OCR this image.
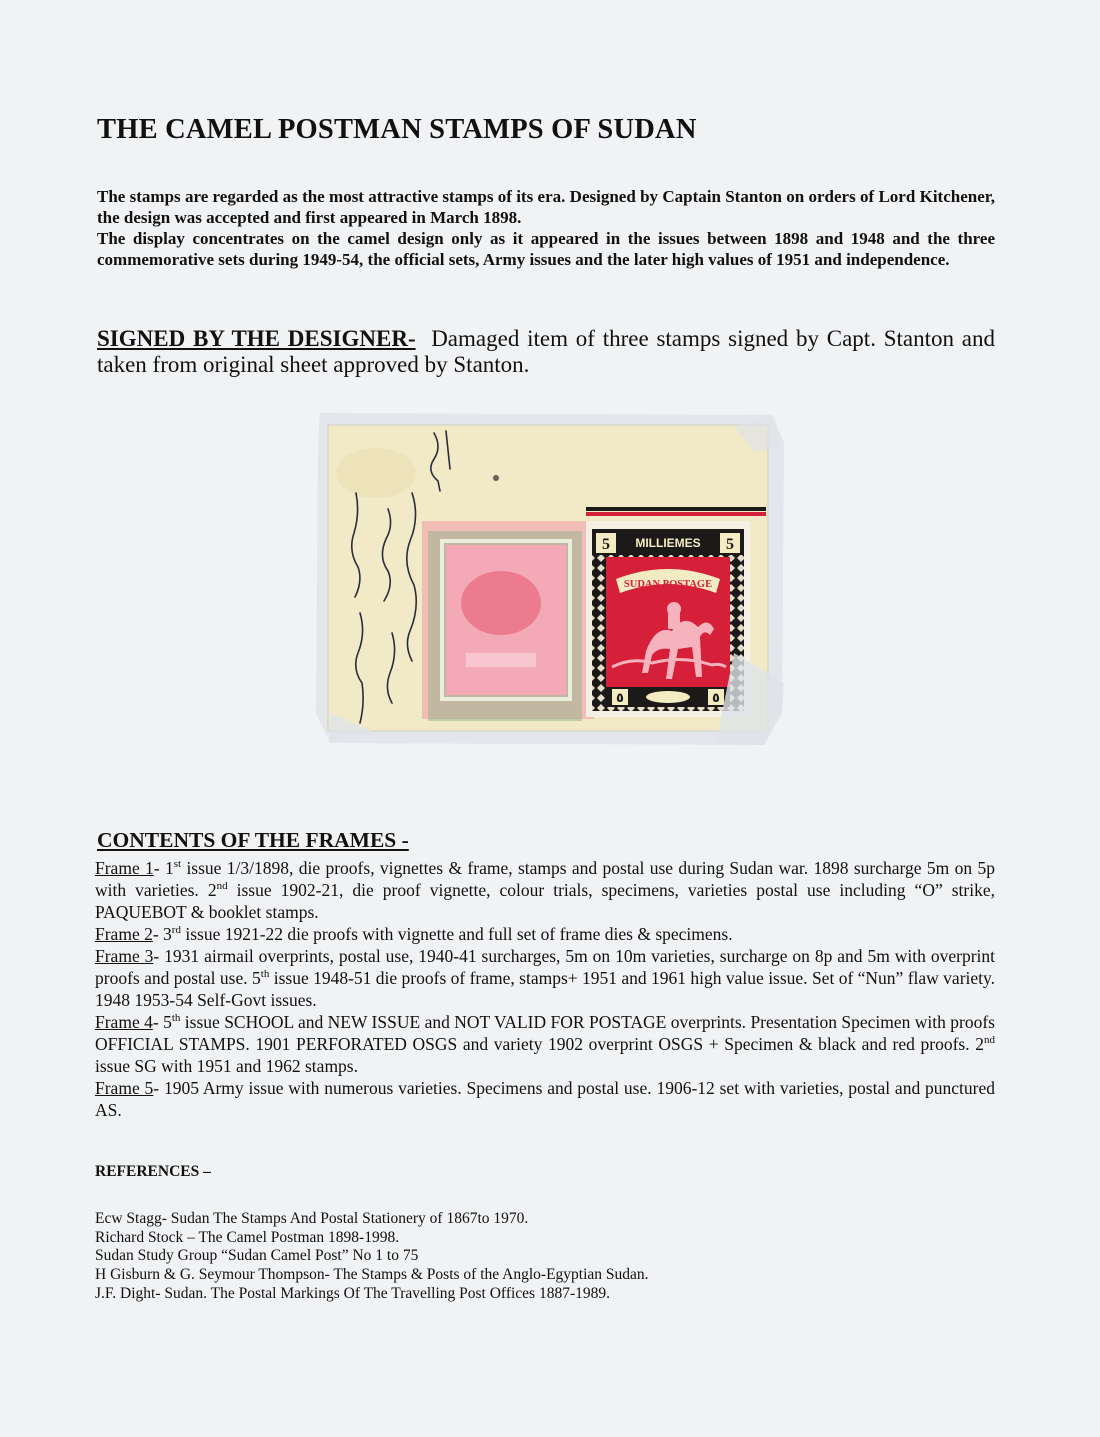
THE CAMEL POSTMAN STAMPS OF SUDAN

The stamps are regarded as the most attractive stamps of its era. Designed by Captain Stanton on orders of Lord Kitchener, the design was accepted and first appeared in March 1898.

The display concentrates on the camel design only as it appeared in the issues between 1898 and 1948 and the three commemorative sets during 1949-54, the official sets, Army issues and the later high values of 1951 and independence.

SIGNED BY THE DESIGNER- Damaged item of three stamps signed by Capt. Stanton and taken from original sheet approved by Stanton.
5	5
MILLIEMES
SUDAN POSTAGE
٥	٥
CONTENTS OF THE FRAMES -

Frame 1- 1st issue 1/3/1898, die proofs, vignettes & frame, stamps and postal use during Sudan war. 1898 surcharge 5m on 5p with varieties. 2nd issue 1902-21, die proof vignette, colour trials, specimens, varieties postal use including “O” strike, PAQUEBOT & booklet stamps.

Frame 2- 3rd issue 1921-22 die proofs with vignette and full set of frame dies & specimens.

Frame 3- 1931 airmail overprints, postal use, 1940-41 surcharges, 5m on 10m varieties, surcharge on 8p and 5m with overprint proofs and postal use. 5th issue 1948-51 die proofs of frame, stamps+ 1951 and 1961 high value issue. Set of “Nun” flaw variety. 1948 1953-54 Self-Govt issues.

Frame 4- 5th issue SCHOOL and NEW ISSUE and NOT VALID FOR POSTAGE overprints. Presentation Specimen with proofs OFFICIAL STAMPS. 1901 PERFORATED OSGS and variety 1902 overprint OSGS + Specimen & black and red proofs. 2nd issue SG with 1951 and 1962 stamps.

Frame 5- 1905 Army issue with numerous varieties. Specimens and postal use. 1906-12 set with varieties, postal and punctured AS.

REFERENCES –
Ecw Stagg- Sudan The Stamps And Postal Stationery of 1867to 1970.
Richard Stock – The Camel Postman 1898-1998.
Sudan Study Group “Sudan Camel Post” No 1 to 75
H Gisburn & G. Seymour Thompson- The Stamps & Posts of the Anglo-Egyptian Sudan.
J.F. Dight- Sudan. The Postal Markings Of The Travelling Post Offices 1887-1989.
